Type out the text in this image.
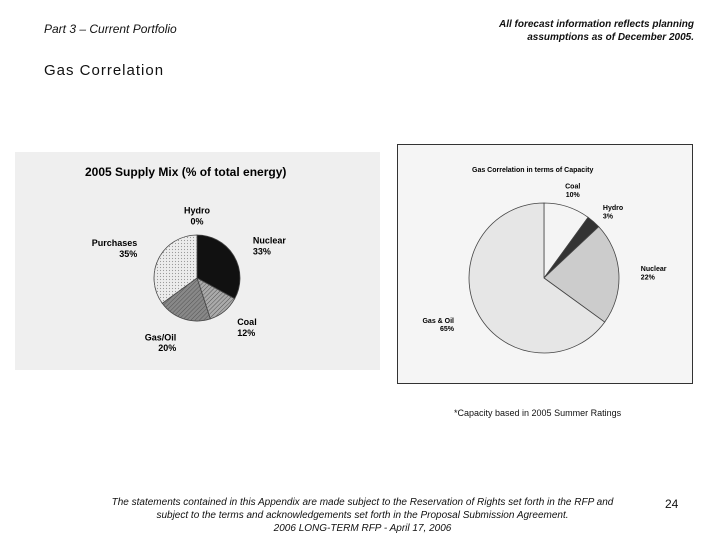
Part 3 – Current Portfolio	All forecast information reflects planning
assumptions as of December 2005.
Gas Correlation
2005 Supply Mix (% of total energy)
Hydro
0%
Nuclear
33%
Coal
12%
Gas/Oil
20%
Purchases
35%
Gas Correlation in terms of Capacity
Coal
10%
Hydro
3%
Nuclear
22%
Gas & Oil
65%
*Capacity based in 2005 Summer Ratings
The statements contained in this Appendix are made subject to the Reservation of Rights set forth in the RFP and
subject to the terms and acknowledgements set forth in the Proposal Submission Agreement.
2006 LONG-TERM RFP - April 17, 2006
24
